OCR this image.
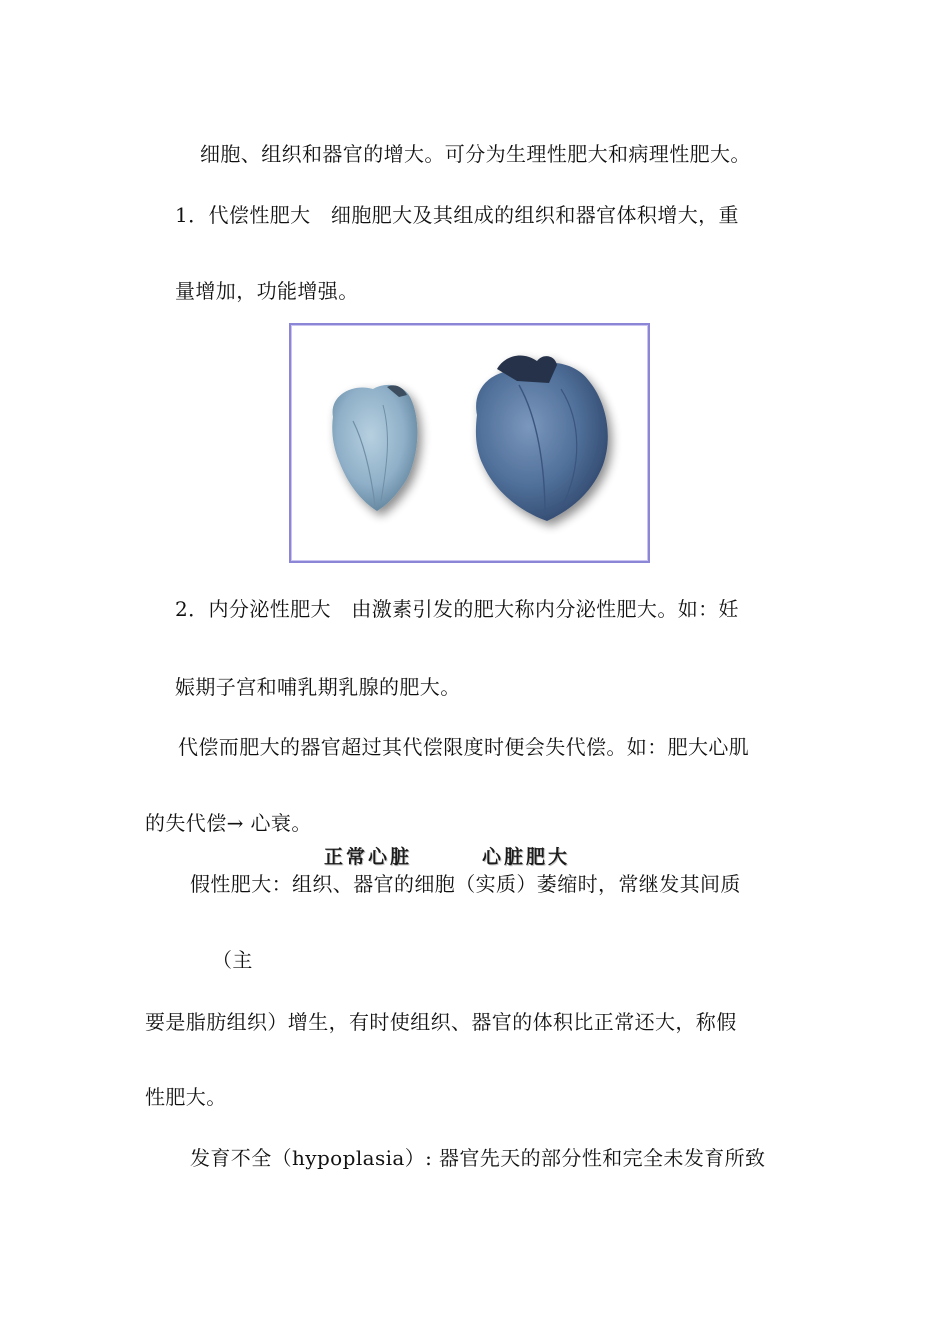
细胞、组织和器官的增大。可分为生理性肥大和病理性肥大。

1．代偿性肥大　细胞肥大及其组成的组织和器官体积增大，重

量增加，功能增强。

正常心脏	心脏肥大

2．内分泌性肥大　由激素引发的肥大称内分泌性肥大。如：妊

娠期子宫和哺乳期乳腺的肥大。

代偿而肥大的器官超过其代偿限度时便会失代偿。如：肥大心肌

的失代偿→ 心衰。

假性肥大：组织、器官的细胞（实质）萎缩时，常继发其间质

（主

要是脂肪组织）增生，有时使组织、器官的体积比正常还大，称假

性肥大。

发育不全（hypoplasia）: 器官先天的部分性和完全未发育所致
